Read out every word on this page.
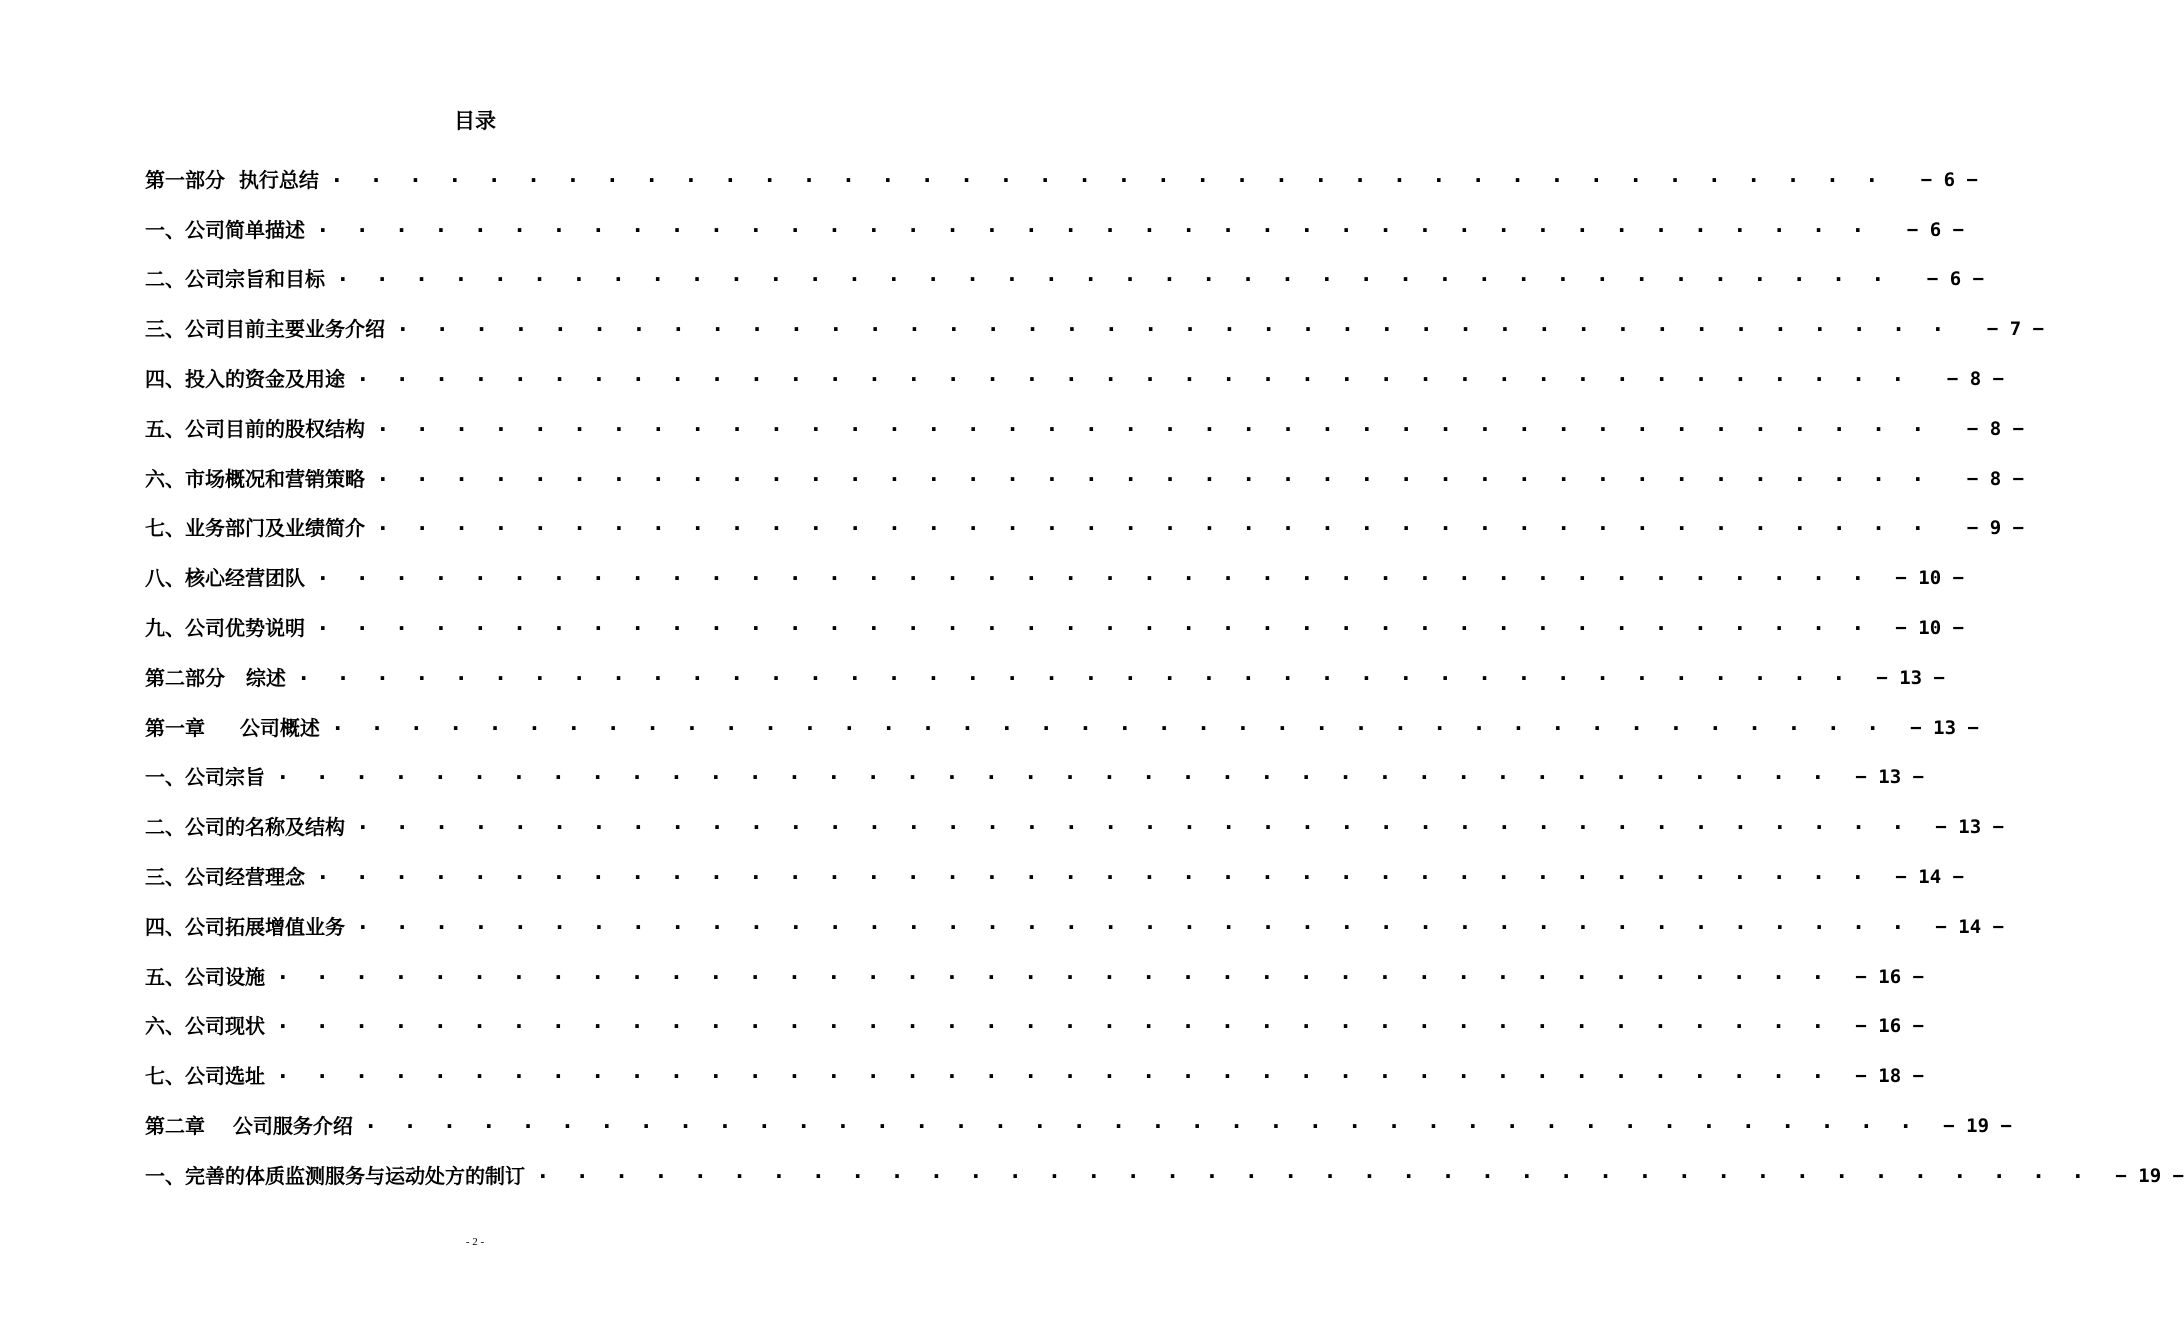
目录
第一部分  执行总结 · · · · · · · · · · · · · · · · · · · · · · · · · · · · · · · · · · · · · · · ·	− 6 −
一、公司简单描述 · · · · · · · · · · · · · · · · · · · · · · · · · · · · · · · · · · · · · · · ·	− 6 −
二、公司宗旨和目标 · · · · · · · · · · · · · · · · · · · · · · · · · · · · · · · · · · · · · · · ·	− 6 −
三、公司目前主要业务介绍 · · · · · · · · · · · · · · · · · · · · · · · · · · · · · · · · · · · · · · · ·	− 7 −
四、投入的资金及用途 · · · · · · · · · · · · · · · · · · · · · · · · · · · · · · · · · · · · · · · ·	− 8 −
五、公司目前的股权结构 · · · · · · · · · · · · · · · · · · · · · · · · · · · · · · · · · · · · · · · ·	− 8 −
六、市场概况和营销策略 · · · · · · · · · · · · · · · · · · · · · · · · · · · · · · · · · · · · · · · ·	− 8 −
七、业务部门及业绩简介 · · · · · · · · · · · · · · · · · · · · · · · · · · · · · · · · · · · · · · · ·	− 9 −
八、核心经营团队 · · · · · · · · · · · · · · · · · · · · · · · · · · · · · · · · · · · · · · · · − 10 −
九、公司优势说明 · · · · · · · · · · · · · · · · · · · · · · · · · · · · · · · · · · · · · · · · − 10 −
第二部分   综述 · · · · · · · · · · · · · · · · · · · · · · · · · · · · · · · · · · · · · · · · − 13 −
第一章     公司概述 · · · · · · · · · · · · · · · · · · · · · · · · · · · · · · · · · · · · · · · · − 13 −
一、公司宗旨 · · · · · · · · · · · · · · · · · · · · · · · · · · · · · · · · · · · · · · · · − 13 −
二、公司的名称及结构 · · · · · · · · · · · · · · · · · · · · · · · · · · · · · · · · · · · · · · · · − 13 −
三、公司经营理念 · · · · · · · · · · · · · · · · · · · · · · · · · · · · · · · · · · · · · · · · − 14 −
四、公司拓展增值业务 · · · · · · · · · · · · · · · · · · · · · · · · · · · · · · · · · · · · · · · · − 14 −
五、公司设施 · · · · · · · · · · · · · · · · · · · · · · · · · · · · · · · · · · · · · · · · − 16 −
六、公司现状 · · · · · · · · · · · · · · · · · · · · · · · · · · · · · · · · · · · · · · · · − 16 −
七、公司选址 · · · · · · · · · · · · · · · · · · · · · · · · · · · · · · · · · · · · · · · · − 18 −
第二章    公司服务介绍 · · · · · · · · · · · · · · · · · · · · · · · · · · · · · · · · · · · · · · · · − 19 −
一、完善的体质监测服务与运动处方的制订 · · · · · · · · · · · · · · · · · · · · · · · · · · · · · · · · · · · · · · · · − 19 −
- 2 -
